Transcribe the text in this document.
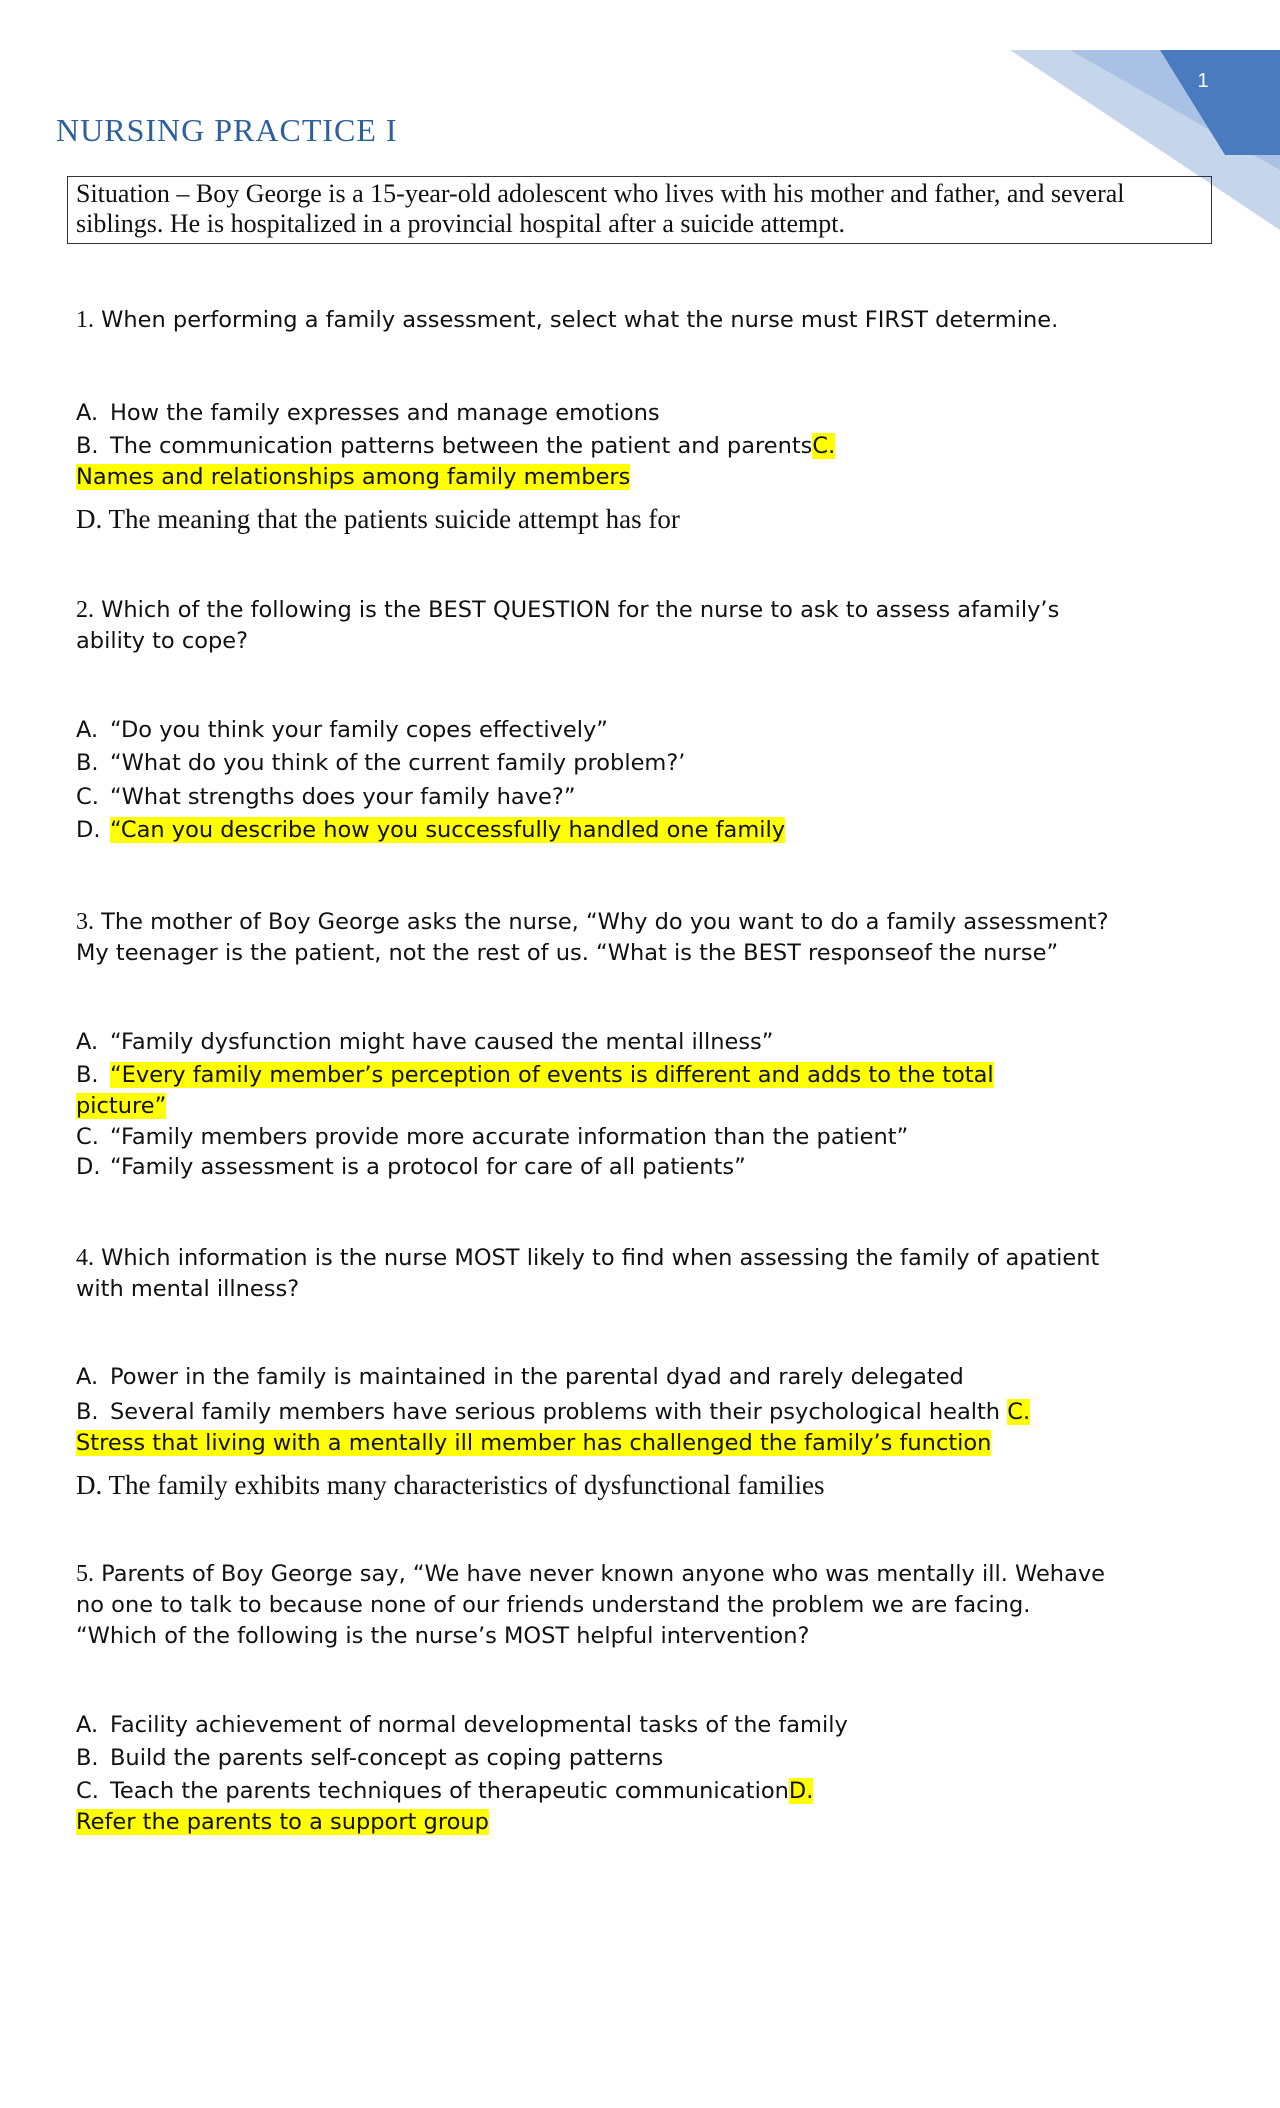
1
NURSING PRACTICE I
Situation – Boy George is a 15-year-old adolescent who lives with his mother and father, and several siblings. He is hospitalized in a provincial hospital after a suicide attempt.
1. When performing a family assessment, select what the nurse must FIRST determine.
A. How the family expresses and manage emotions
B. The communication patterns between the patient and parentsC.
Names and relationships among family members
D. The meaning that the patients suicide attempt has for
2. Which of the following is the BEST QUESTION for the nurse to ask to assess afamily’s
ability to cope?
A. “Do you think your family copes effectively”
B. “What do you think of the current family problem?’
C. “What strengths does your family have?”
D. “Can you describe how you successfully handled one family
3. The mother of Boy George asks the nurse, “Why do you want to do a family assessment?
My teenager is the patient, not the rest of us. “What is the BEST responseof the nurse”
A. “Family dysfunction might have caused the mental illness”
B. “Every family member’s perception of events is different and adds to the total
picture”
C. “Family members provide more accurate information than the patient”
D. “Family assessment is a protocol for care of all patients”
4. Which information is the nurse MOST likely to find when assessing the family of apatient
with mental illness?
A. Power in the family is maintained in the parental dyad and rarely delegated
B. Several family members have serious problems with their psychological health C.
Stress that living with a mentally ill member has challenged the family’s function
D. The family exhibits many characteristics of dysfunctional families
5. Parents of Boy George say, “We have never known anyone who was mentally ill. Wehave
no one to talk to because none of our friends understand the problem we are facing.
“Which of the following is the nurse’s MOST helpful intervention?
A. Facility achievement of normal developmental tasks of the family
B. Build the parents self-concept as coping patterns
C. Teach the parents techniques of therapeutic communicationD.
Refer the parents to a support group
